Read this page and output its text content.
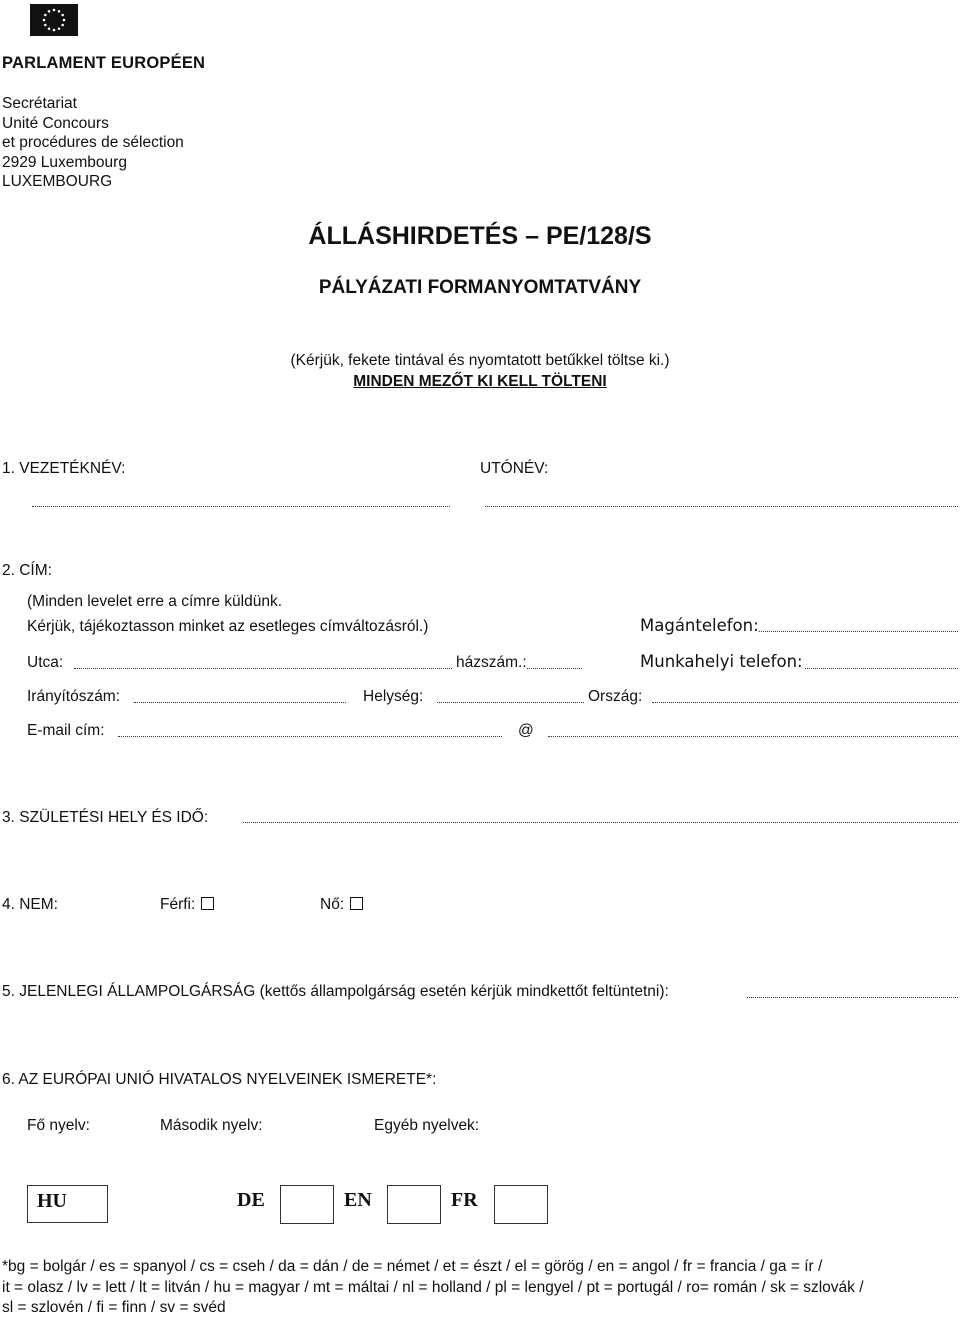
PARLAMENT EUROPÉEN
Secrétariat
Unité Concours
et procédures de sélection
2929 Luxembourg
LUXEMBOURG
ÁLLÁSHIRDETÉS – PE/128/S
PÁLYÁZATI FORMANYOMTATVÁNY
(Kérjük, fekete tintával és nyomtatott betűkkel töltse ki.)
MINDEN MEZŐT KI KELL TÖLTENI
1. VEZETÉKNÉV:	UTÓNÉV:
2. CÍM:
(Minden levelet erre a címre küldünk.
Kérjük, tájékoztasson minket az esetleges címváltozásról.)	Magántelefon:
Utca:	házszám.:	Munkahelyi telefon:
Irányítószám:	Helység:	Ország:
E-mail cím:	@
3. SZÜLETÉSI HELY ÉS IDŐ:
4. NEM:	Férfi:	Nő:
5. JELENLEGI ÁLLAMPOLGÁRSÁG (kettős állampolgárság esetén kérjük mindkettőt feltüntetni):
6. AZ EURÓPAI UNIÓ HIVATALOS NYELVEINEK ISMERETE*:
Fő nyelv:	Második nyelv:	Egyéb nyelvek:
HU	DE	EN	FR
*bg = bolgár / es = spanyol / cs = cseh / da = dán / de = német / et = észt / el = görög / en = angol / fr = francia / ga = ír /
it = olasz / lv = lett / lt = litván / hu = magyar / mt = máltai / nl = holland / pl = lengyel / pt = portugál / ro= román / sk = szlovák /
sl = szlovén / fi = finn / sv = svéd
